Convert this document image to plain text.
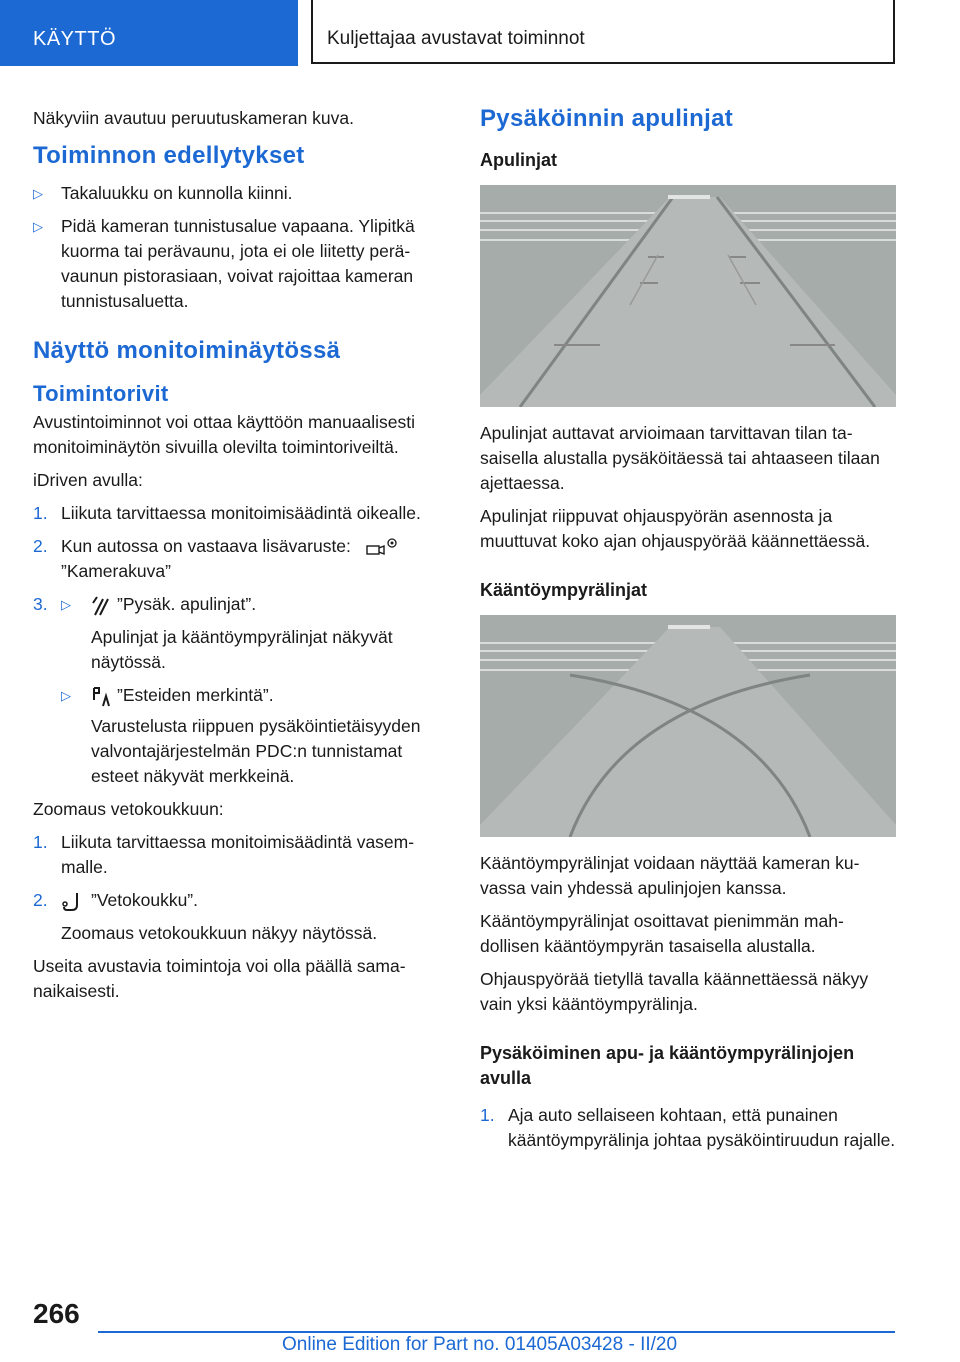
KÄYTTÖ	Kuljettajaa avustavat toiminnot

Näkyviin avautuu peruutuskameran kuva.

Toiminnon edellytykset
▷	Takaluukku on kunnolla kiinni.
▷	Pidä kameran tunnistusalue vapaana. Ylipitkä kuorma tai perävaunu, jota ei ole liitetty perävaunun pistorasiaan, voivat rajoittaa kameran tunnistusaluetta.
Näyttö monitoiminäytössä
Toimintorivit

Avustintoiminnot voi ottaa käyttöön manuaalisesti monitoiminäytön sivuilla olevilta toimintoriveiltä.

iDriven avulla:

1. Liikuta tarvittaessa monitoimisäädintä oikealle.
2. Kun autossa on vastaava lisävaruste:
”Kamerakuva”
3.	▷	”Pysäk. apulinjat”.

Apulinjat ja kääntöympyrälinjat näkyvät näytössä.

▷	”Esteiden merkintä”.

Varustelusta riippuen pysäköintietäisyyden valvontajärjestelmän PDC:n tunnistamat esteet näkyvät merkkeinä.

Zoomaus vetokoukkuun:

1. Liikuta tarvittaessa monitoimisäädintä vasemmalle.
2.	”Vetokoukku”.

Zoomaus vetokoukkuun näkyy näytössä.

Useita avustavia toimintoja voi olla päällä samanaikaisesti.

Pysäköinnin apulinjat
Apulinjat

Apulinjat auttavat arvioimaan tarvittavan tilan tasaisella alustalla pysäköitäessä tai ahtaaseen tilaan ajettaessa.

Apulinjat riippuvat ohjauspyörän asennosta ja muuttuvat koko ajan ohjauspyörää käännettäessä.

Kääntöympyrälinjat

Kääntöympyrälinjat voidaan näyttää kameran kuvassa vain yhdessä apulinjojen kanssa.

Kääntöympyrälinjat osoittavat pienimmän mahdollisen kääntöympyrän tasaisella alustalla.

Ohjauspyörää tietyllä tavalla käännettäessä näkyy vain yksi kääntöympyrälinja.

Pysäköiminen apu- ja kääntöympyrälinjojen avulla
1. Aja auto sellaiseen kohtaan, että punainen kääntöympyrälinja johtaa pysäköintiruudun rajalle.
266
Online Edition for Part no. 01405A03428 - II/20
